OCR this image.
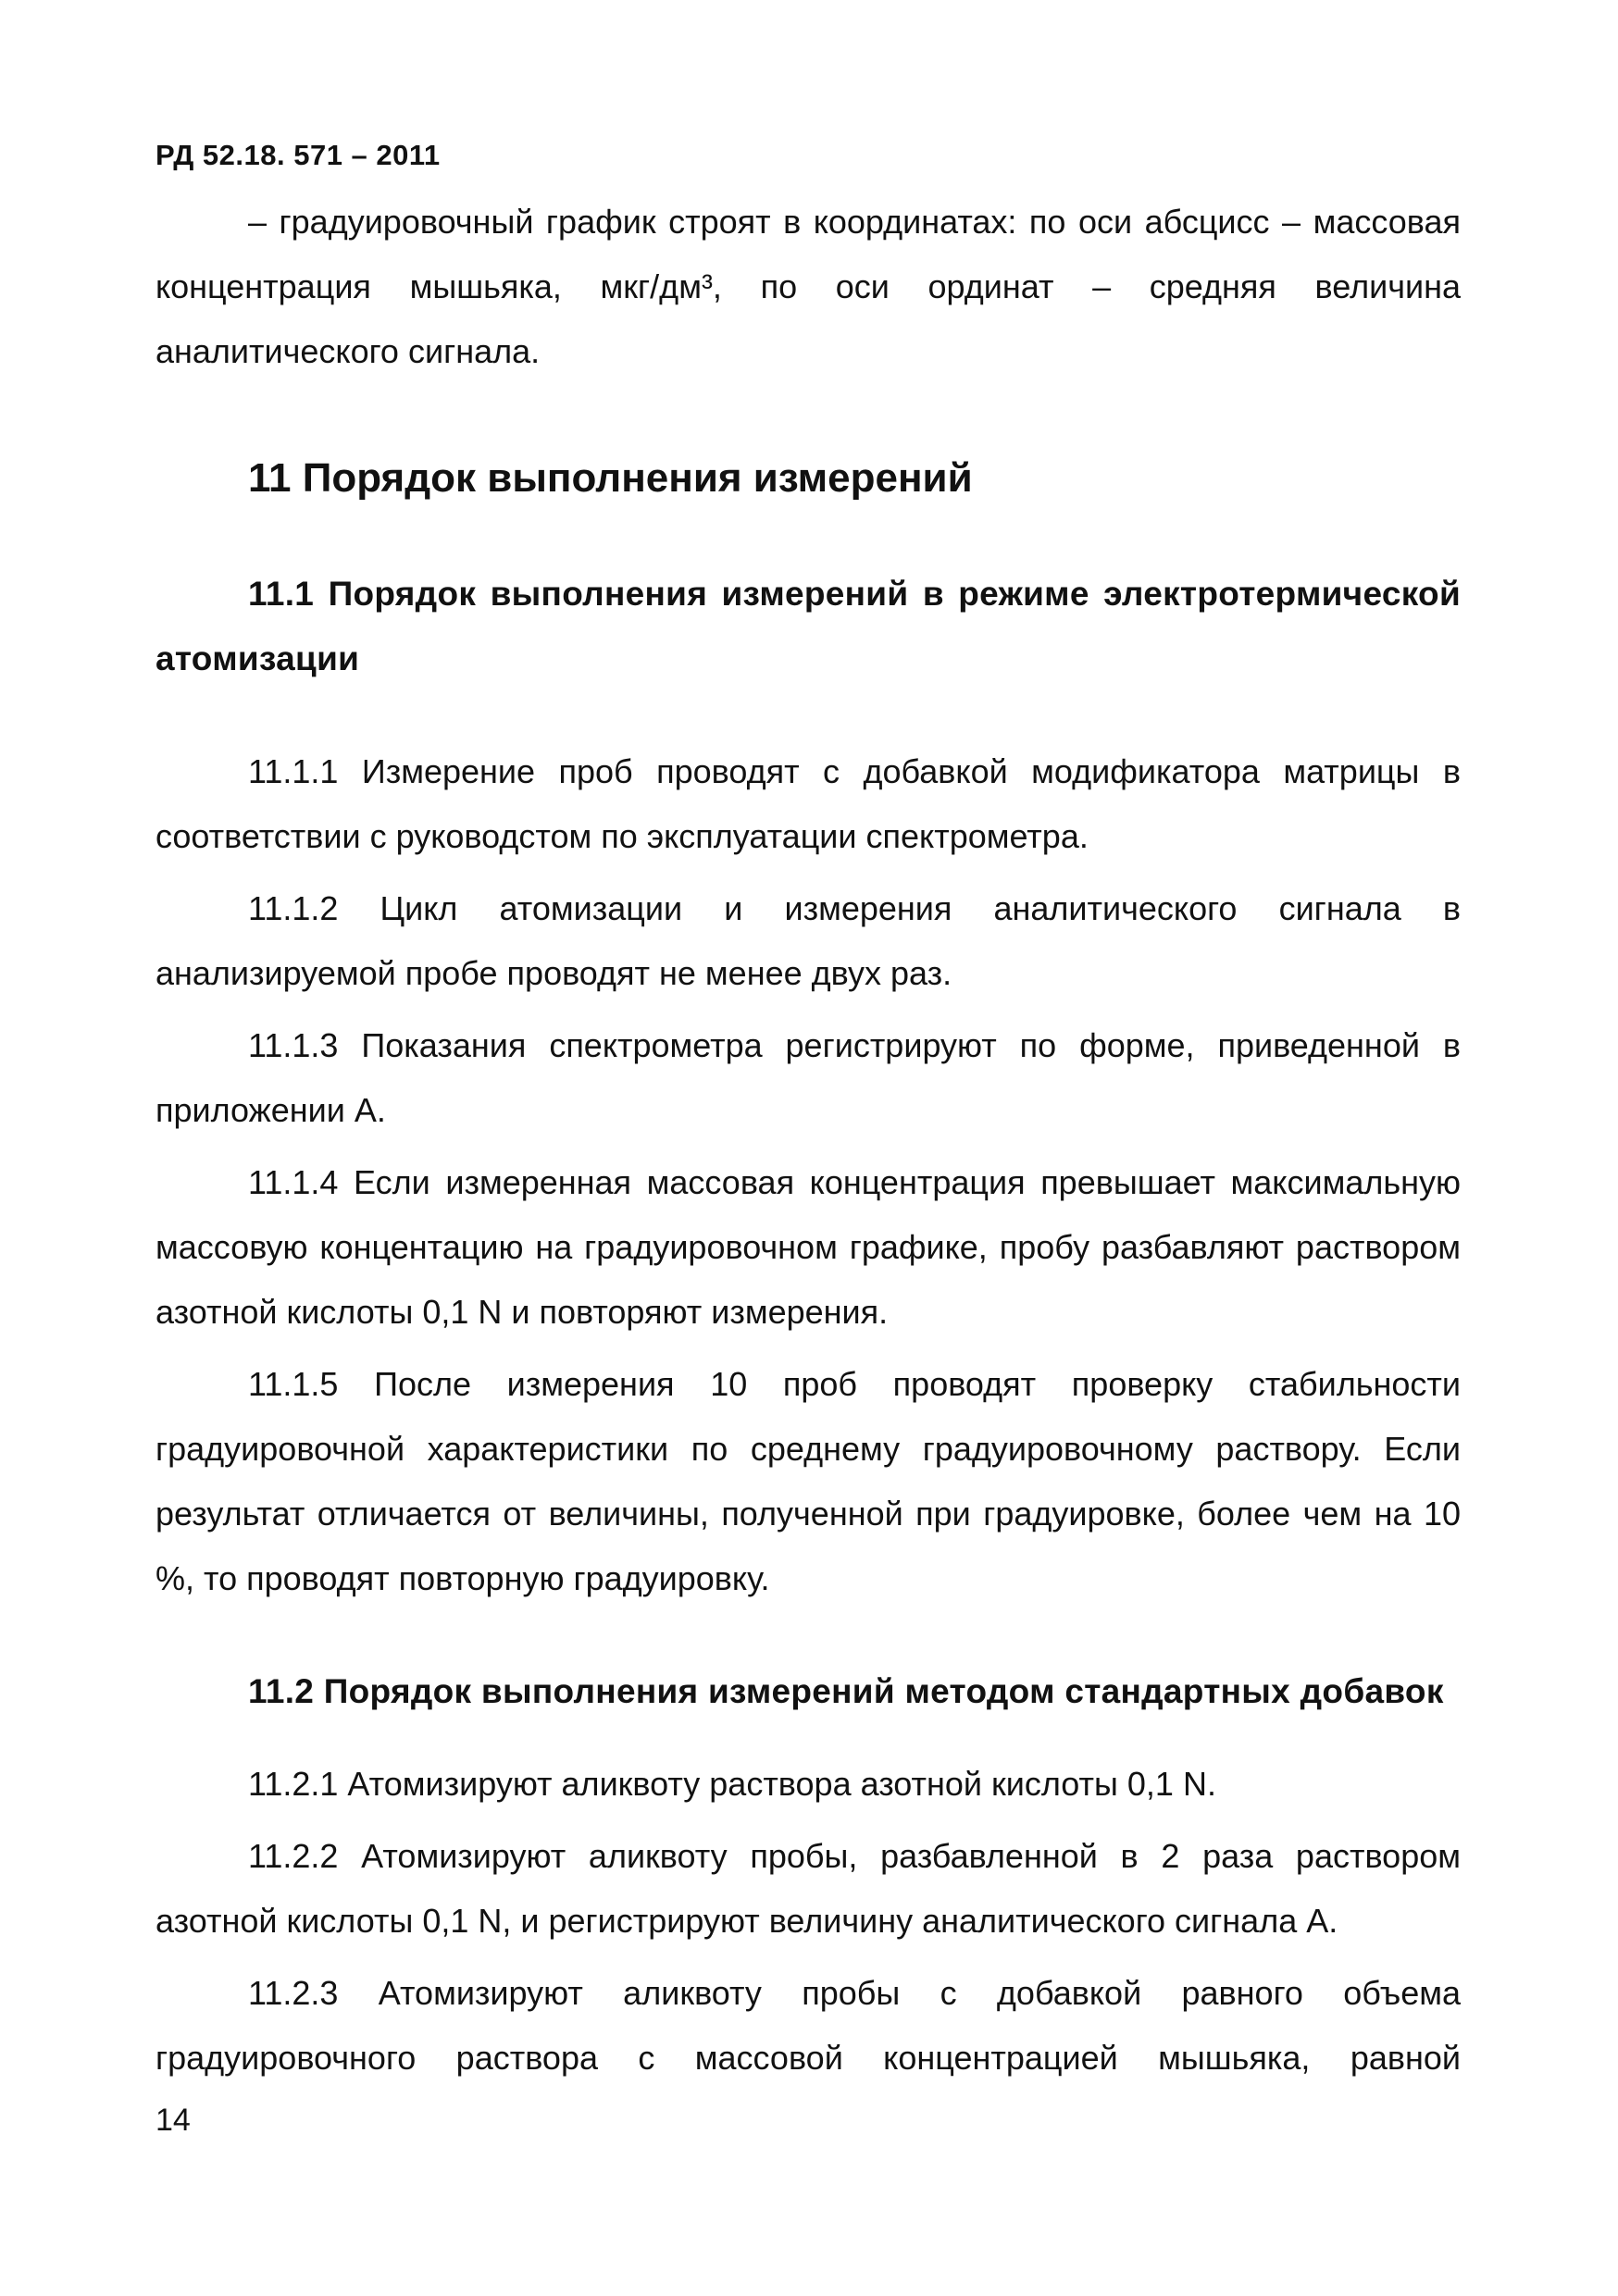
РД 52.18. 571 – 2011

– градуировочный график строят в координатах: по оси абсцисс – массовая концентрация мышьяка, мкг/дм³, по оси ординат – средняя величина аналитического сигнала.

11 Порядок выполнения измерений

11.1 Порядок выполнения измерений в режиме электротермической атомизации

11.1.1 Измерение проб проводят с добавкой модификатора матрицы в соответствии с руководстом по эксплуатации спектрометра.

11.1.2 Цикл атомизации и измерения аналитического сигнала в анализируемой пробе проводят не менее двух раз.

11.1.3 Показания спектрометра регистрируют по форме, приведенной в приложении А.

11.1.4 Если измеренная массовая концентрация превышает максимальную массовую концентацию на градуировочном графике, пробу разбавляют раствором азотной кислоты 0,1 N и повторяют измерения.

11.1.5 После измерения 10 проб проводят проверку стабильности градуировочной характеристики по среднему градуировочному раствору. Если результат отличается от величины, полученной при градуировке, более чем на 10 %, то проводят повторную градуировку.

11.2 Порядок выполнения измерений методом стандартных добавок

11.2.1 Атомизируют аликвоту раствора азотной кислоты 0,1 N.

11.2.2 Атомизируют аликвоту пробы, разбавленной в 2 раза раствором азотной кислоты 0,1 N, и регистрируют величину аналитического сигнала А.

11.2.3 Атомизируют аликвоту пробы с добавкой равного объема градуировочного раствора с массовой концентрацией мышьяка, равной

14
